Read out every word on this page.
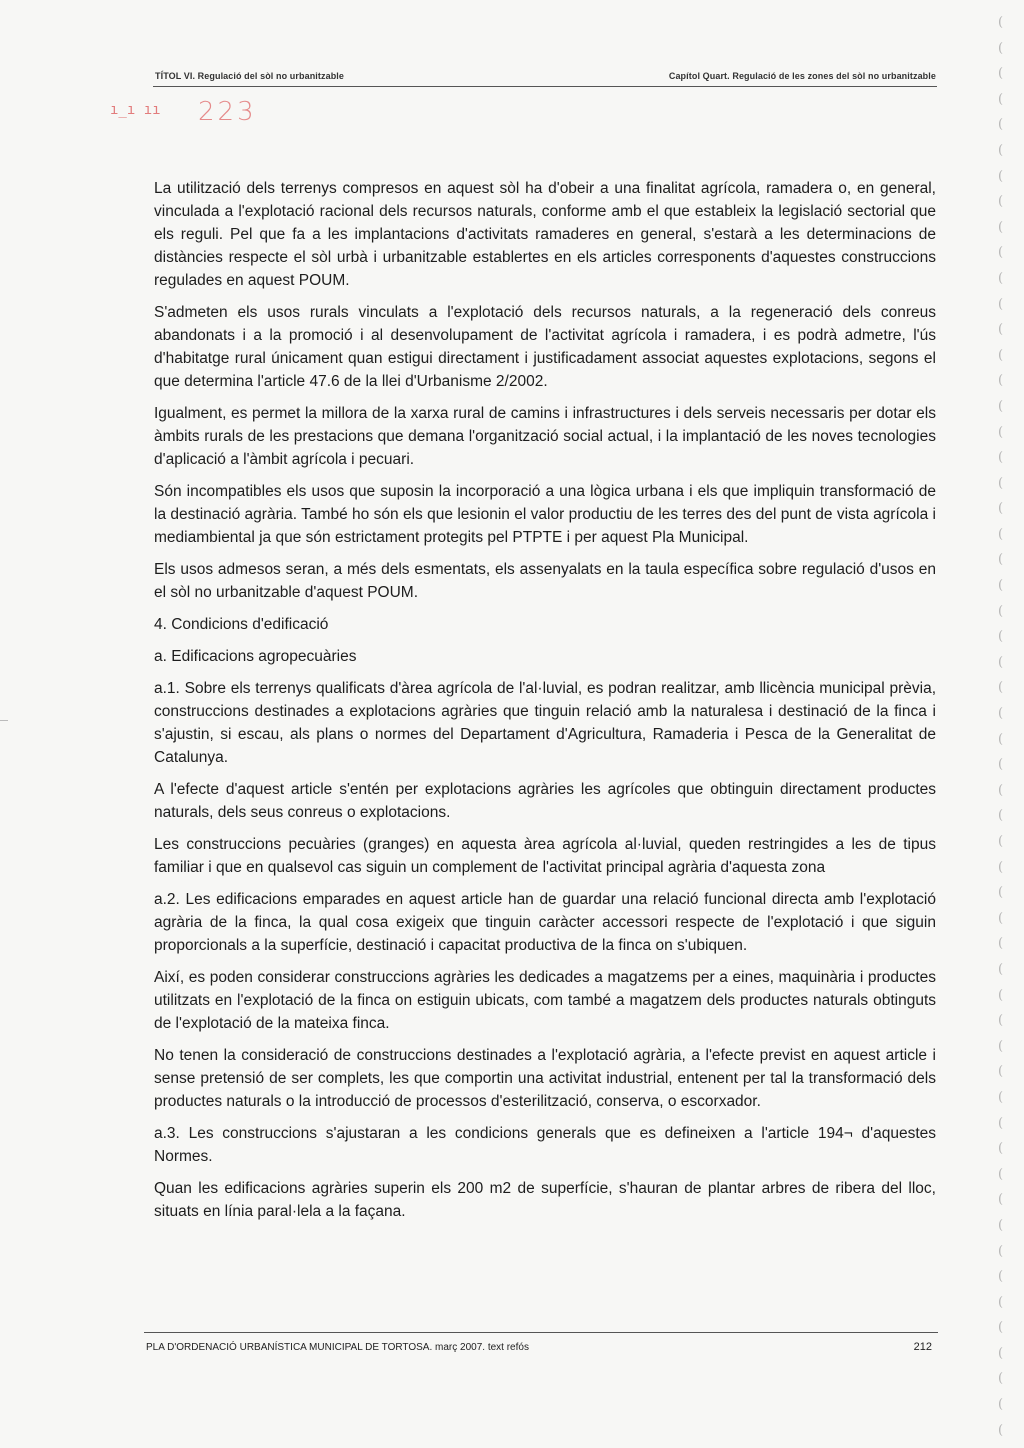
TÍTOL VI. Regulació del sòl no urbanitzable	Capítol Quart. Regulació de les zones del sòl no urbanitzable
ı_ı ıı 223
(
(
(
(
(
(
(
(
(
(
(
(
(
(
(
(
(
(
(
(
(
(
(
(
(
(
(
(
(
(
(
(
(
(
(
(
(
(
(
(
(
(
(
(
(
(
(
(
(
(
(
(
(
(
(
(

La utilització dels terrenys compresos en aquest sòl ha d'obeir a una finalitat agrícola, ramadera o, en general, vinculada a l'explotació racional dels recursos naturals, conforme amb el que estableix la legislació sectorial que els reguli. Pel que fa a les implantacions d'activitats ramaderes en general, s'estarà a les determinacions de distàncies respecte el sòl urbà i urbanitzable establertes en els articles corresponents d'aquestes construccions regulades en aquest POUM.

S'admeten els usos rurals vinculats a l'explotació dels recursos naturals, a la regeneració dels conreus abandonats i a la promoció i al desenvolupament de l'activitat agrícola i ramadera, i es podrà admetre, l'ús d'habitatge rural únicament quan estigui directament i justificadament associat aquestes explotacions, segons el que determina l'article 47.6 de la llei d'Urbanisme 2/2002.

Igualment, es permet la millora de la xarxa rural de camins i infrastructures i dels serveis necessaris per dotar els àmbits rurals de les prestacions que demana l'organització social actual, i la implantació de les noves tecnologies d'aplicació a l'àmbit agrícola i pecuari.

Són incompatibles els usos que suposin la incorporació a una lògica urbana i els que impliquin transformació de la destinació agrària. També ho són els que lesionin el valor productiu de les terres des del punt de vista agrícola i mediambiental ja que són estrictament protegits pel PTPTE i per aquest Pla Municipal.

Els usos admesos seran, a més dels esmentats, els assenyalats en la taula específica sobre regulació d'usos en el sòl no urbanitzable d'aquest POUM.

4. Condicions d'edificació

a. Edificacions agropecuàries

a.1. Sobre els terrenys qualificats d'àrea agrícola de l'al·luvial, es podran realitzar, amb llicència municipal prèvia, construccions destinades a explotacions agràries que tinguin relació amb la naturalesa i destinació de la finca i s'ajustin, si escau, als plans o normes del Departament d'Agricultura, Ramaderia i Pesca de la Generalitat de Catalunya.

A l'efecte d'aquest article s'entén per explotacions agràries les agrícoles que obtinguin directament productes naturals, dels seus conreus o explotacions.

Les construccions pecuàries (granges) en aquesta àrea agrícola al·luvial, queden restringides a les de tipus familiar i que en qualsevol cas siguin un complement de l'activitat principal agrària d'aquesta zona

a.2. Les edificacions emparades en aquest article han de guardar una relació funcional directa amb l'explotació agrària de la finca, la qual cosa exigeix que tinguin caràcter accessori respecte de l'explotació i que siguin proporcionals a la superfície, destinació i capacitat productiva de la finca on s'ubiquen.

Així, es poden considerar construccions agràries les dedicades a magatzems per a eines, maquinària i productes utilitzats en l'explotació de la finca on estiguin ubicats, com també a magatzem dels productes naturals obtinguts de l'explotació de la mateixa finca.

No tenen la consideració de construccions destinades a l'explotació agrària, a l'efecte previst en aquest article i sense pretensió de ser complets, les que comportin una activitat industrial, entenent per tal la transformació dels productes naturals o la introducció de processos d'esterilització, conserva, o escorxador.

a.3. Les construccions s'ajustaran a les condicions generals que es defineixen a l'article 194¬ d'aquestes Normes.

Quan les edificacions agràries superin els 200 m2 de superfície, s'hauran de plantar arbres de ribera del lloc, situats en línia paral·lela a la façana.

PLA D'ORDENACIÓ URBANÍSTICA MUNICIPAL DE TORTOSA. març 2007. text refós	212
